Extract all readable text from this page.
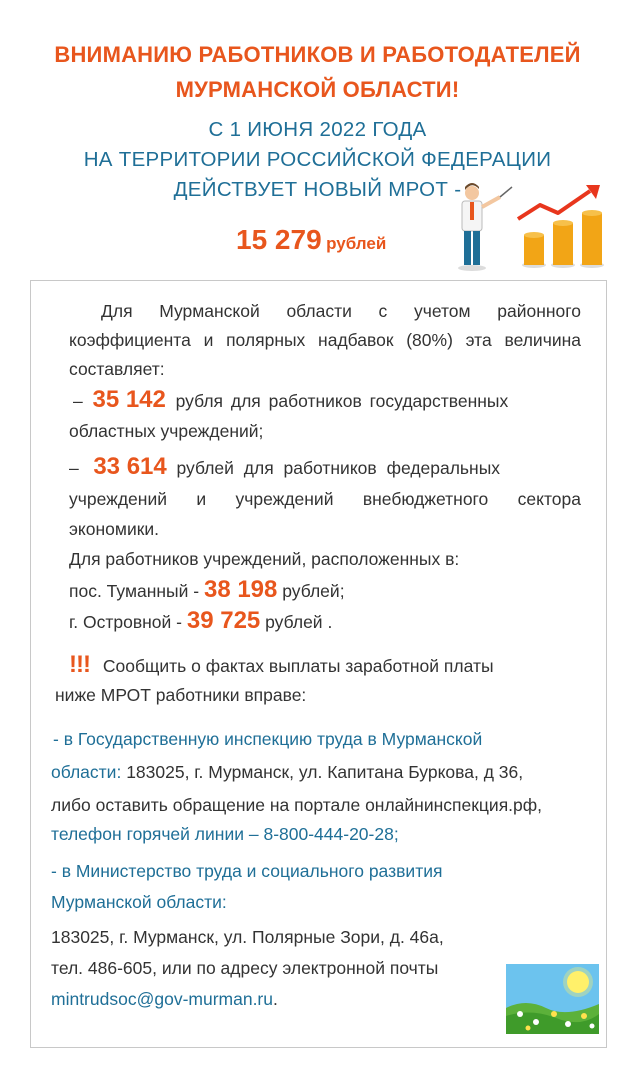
ВНИМАНИЮ РАБОТНИКОВ И РАБОТОДАТЕЛЕЙ
МУРМАНСКОЙ ОБЛАСТИ!
С 1 ИЮНЯ 2022 ГОДА
НА ТЕРРИТОРИИ РОССИЙСКОЙ ФЕДЕРАЦИИ
ДЕЙСТВУЕТ НОВЫЙ МРОТ -
15 279 рублей
Для Мурманской области с учетом районного
коэффициента и полярных надбавок (80%) эта величина
составляет:
– 35 142 рубля для работников государственных
областных учреждений;
– 33 614 рублей для работников федеральных
учреждений и учреждений внебюджетного сектора
экономики.
Для работников учреждений, расположенных в:
пос. Туманный - 38 198 рублей;
г. Островной - 39 725 рублей .
!!! Сообщить о фактах выплаты заработной платы
ниже МРОТ работники вправе:
- в Государственную инспекцию труда в Мурманской
области: 183025, г. Мурманск, ул. Капитана Буркова, д 36,
либо оставить обращение на портале онлайнинспекция.рф,
телефон горячей линии – 8-800-444-20-28;
- в Министерство труда и социального развития
Мурманской области:
183025, г. Мурманск, ул. Полярные Зори, д. 46а,
тел. 486-605, или по адресу электронной почты
mintrudsoc@gov-murman.ru.
